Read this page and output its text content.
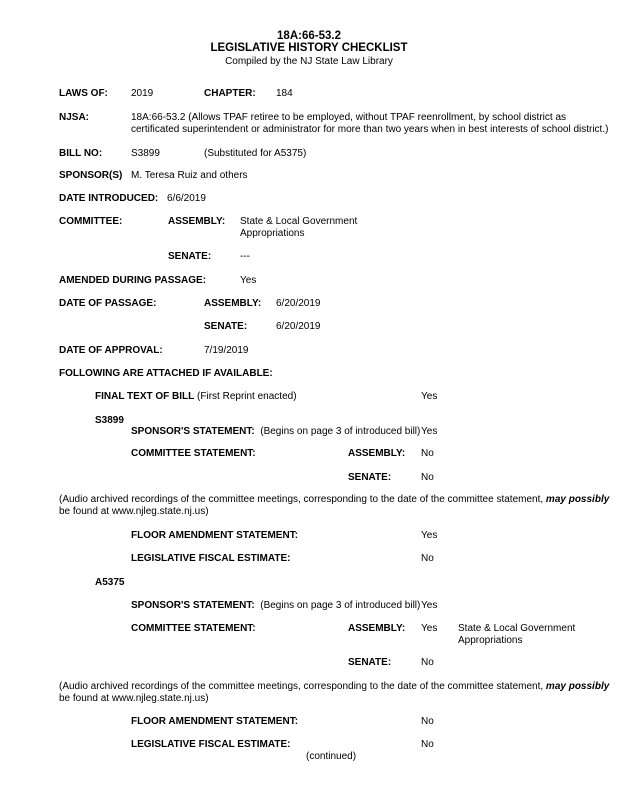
18A:66-53.2
LEGISLATIVE HISTORY CHECKLIST
Compiled by the NJ State Law Library
LAWS OF: 2019	CHAPTER: 184
NJSA:	18A:66-53.2 (Allows TPAF retiree to be employed, without TPAF reenrollment, by school district as
certificated superintendent or administrator for more than two years when in best interests of school district.)
BILL NO:	S3899	(Substituted for A5375)
SPONSOR(S) M. Teresa Ruiz and others
DATE INTRODUCED: 6/6/2019
COMMITTEE:	ASSEMBLY: State & Local Government
Appropriations
SENATE:	---
AMENDED DURING PASSAGE:	Yes
DATE OF PASSAGE:	ASSEMBLY: 6/20/2019
SENATE:	6/20/2019
DATE OF APPROVAL:	7/19/2019
FOLLOWING ARE ATTACHED IF AVAILABLE:
FINAL TEXT OF BILL (First Reprint enacted)	Yes
S3899
SPONSOR'S STATEMENT: (Begins on page 3 of introduced bill) Yes
COMMITTEE STATEMENT:	ASSEMBLY: No
SENATE:	No
(Audio archived recordings of the committee meetings, corresponding to the date of the committee statement, may possibly
be found at www.njleg.state.nj.us)
FLOOR AMENDMENT STATEMENT:	Yes
LEGISLATIVE FISCAL ESTIMATE:	No
A5375
SPONSOR'S STATEMENT: (Begins on page 3 of introduced bill) Yes
COMMITTEE STATEMENT:	ASSEMBLY: Yes State & Local Government
Appropriations
SENATE:	No
(Audio archived recordings of the committee meetings, corresponding to the date of the committee statement, may possibly
be found at www.njleg.state.nj.us)
FLOOR AMENDMENT STATEMENT:	No
LEGISLATIVE FISCAL ESTIMATE:	No
(continued)
